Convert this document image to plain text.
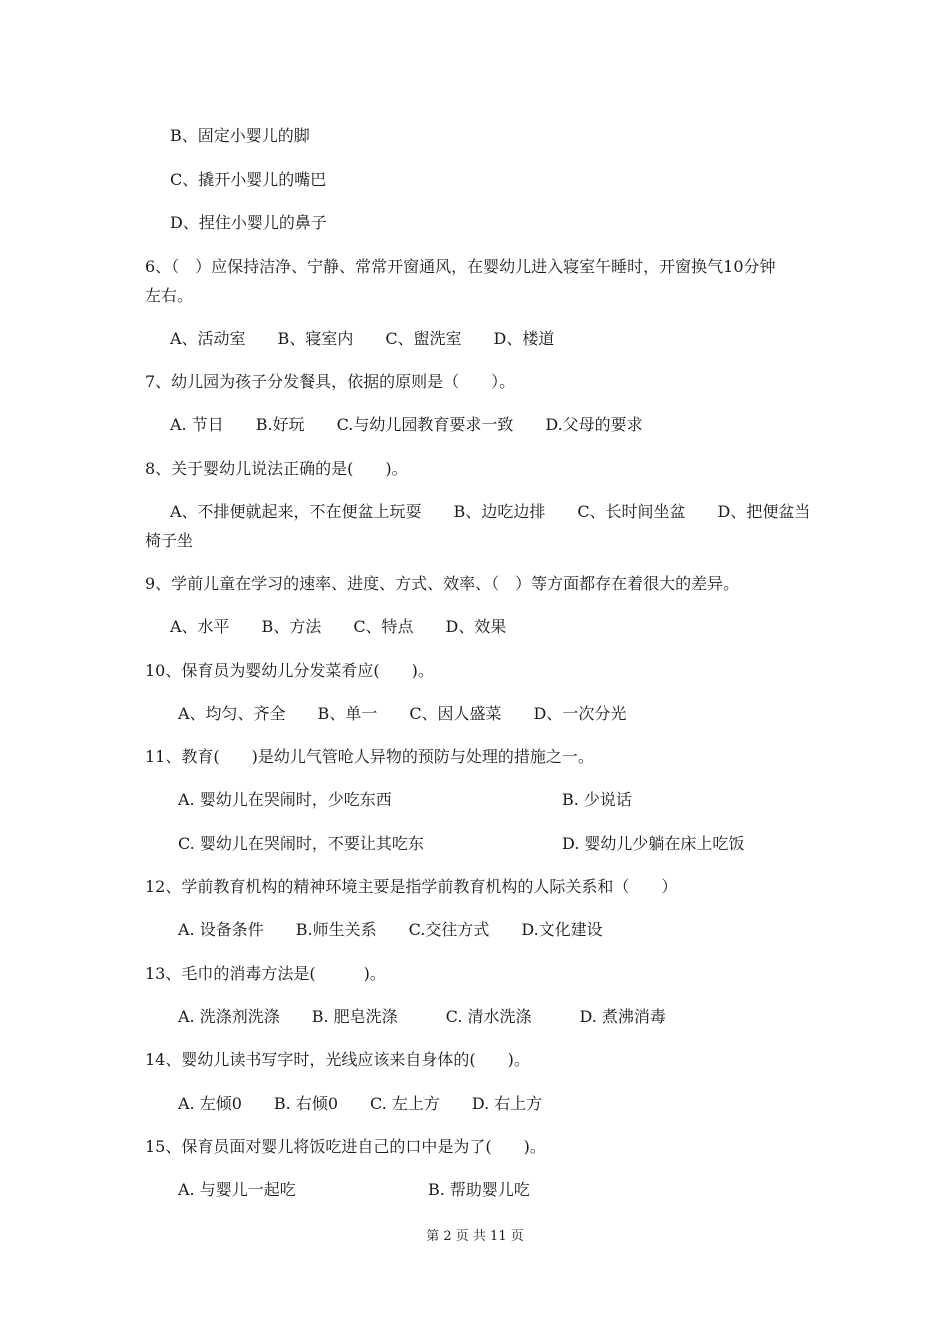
B、固定小婴儿的脚
C、撬开小婴儿的嘴巴
D、捏住小婴儿的鼻子
6、（　）应保持洁净、宁静、常常开窗通风，在婴幼儿进入寝室午睡时，开窗换气10分钟
左右。
A、活动室　　B、寝室内　　C、盥洗室　　D、楼道
7、幼儿园为孩子分发餐具，依据的原则是（　　）。
A. 节日　　B.好玩　　C.与幼儿园教育要求一致　　D.父母的要求
8、关于婴幼儿说法正确的是(　　)。
A、不排便就起来，不在便盆上玩耍　　B、边吃边排　　C、长时间坐盆　　D、把便盆当
椅子坐
9、学前儿童在学习的速率、进度、方式、效率、（　）等方面都存在着很大的差异。
A、水平　　B、方法　　C、特点　　D、效果
10、保育员为婴幼儿分发菜肴应(　　)。
A、均匀、齐全　　B、单一　　C、因人盛菜　　D、一次分光
11、教育(　　)是幼儿气管呛人异物的预防与处理的措施之一。
A. 婴幼儿在哭闹时，少吃东西	B. 少说话
C. 婴幼儿在哭闹时，不要让其吃东	D. 婴幼儿少躺在床上吃饭
12、学前教育机构的精神环境主要是指学前教育机构的人际关系和（　　）
A. 设备条件　　B.师生关系　　C.交往方式　　D.文化建设
13、毛巾的消毒方法是(　　　)。
A. 洗涤剂洗涤　　B. 肥皂洗涤　　　C. 清水洗涤　　　D. 煮沸消毒
14、婴幼儿读书写字时，光线应该来自身体的(　　)。
A. 左倾0　　B. 右倾0　　C. 左上方　　D. 右上方
15、保育员面对婴儿将饭吃进自己的口中是为了(　　)。
A. 与婴儿一起吃	B. 帮助婴儿吃
第 2 页 共 11 页
